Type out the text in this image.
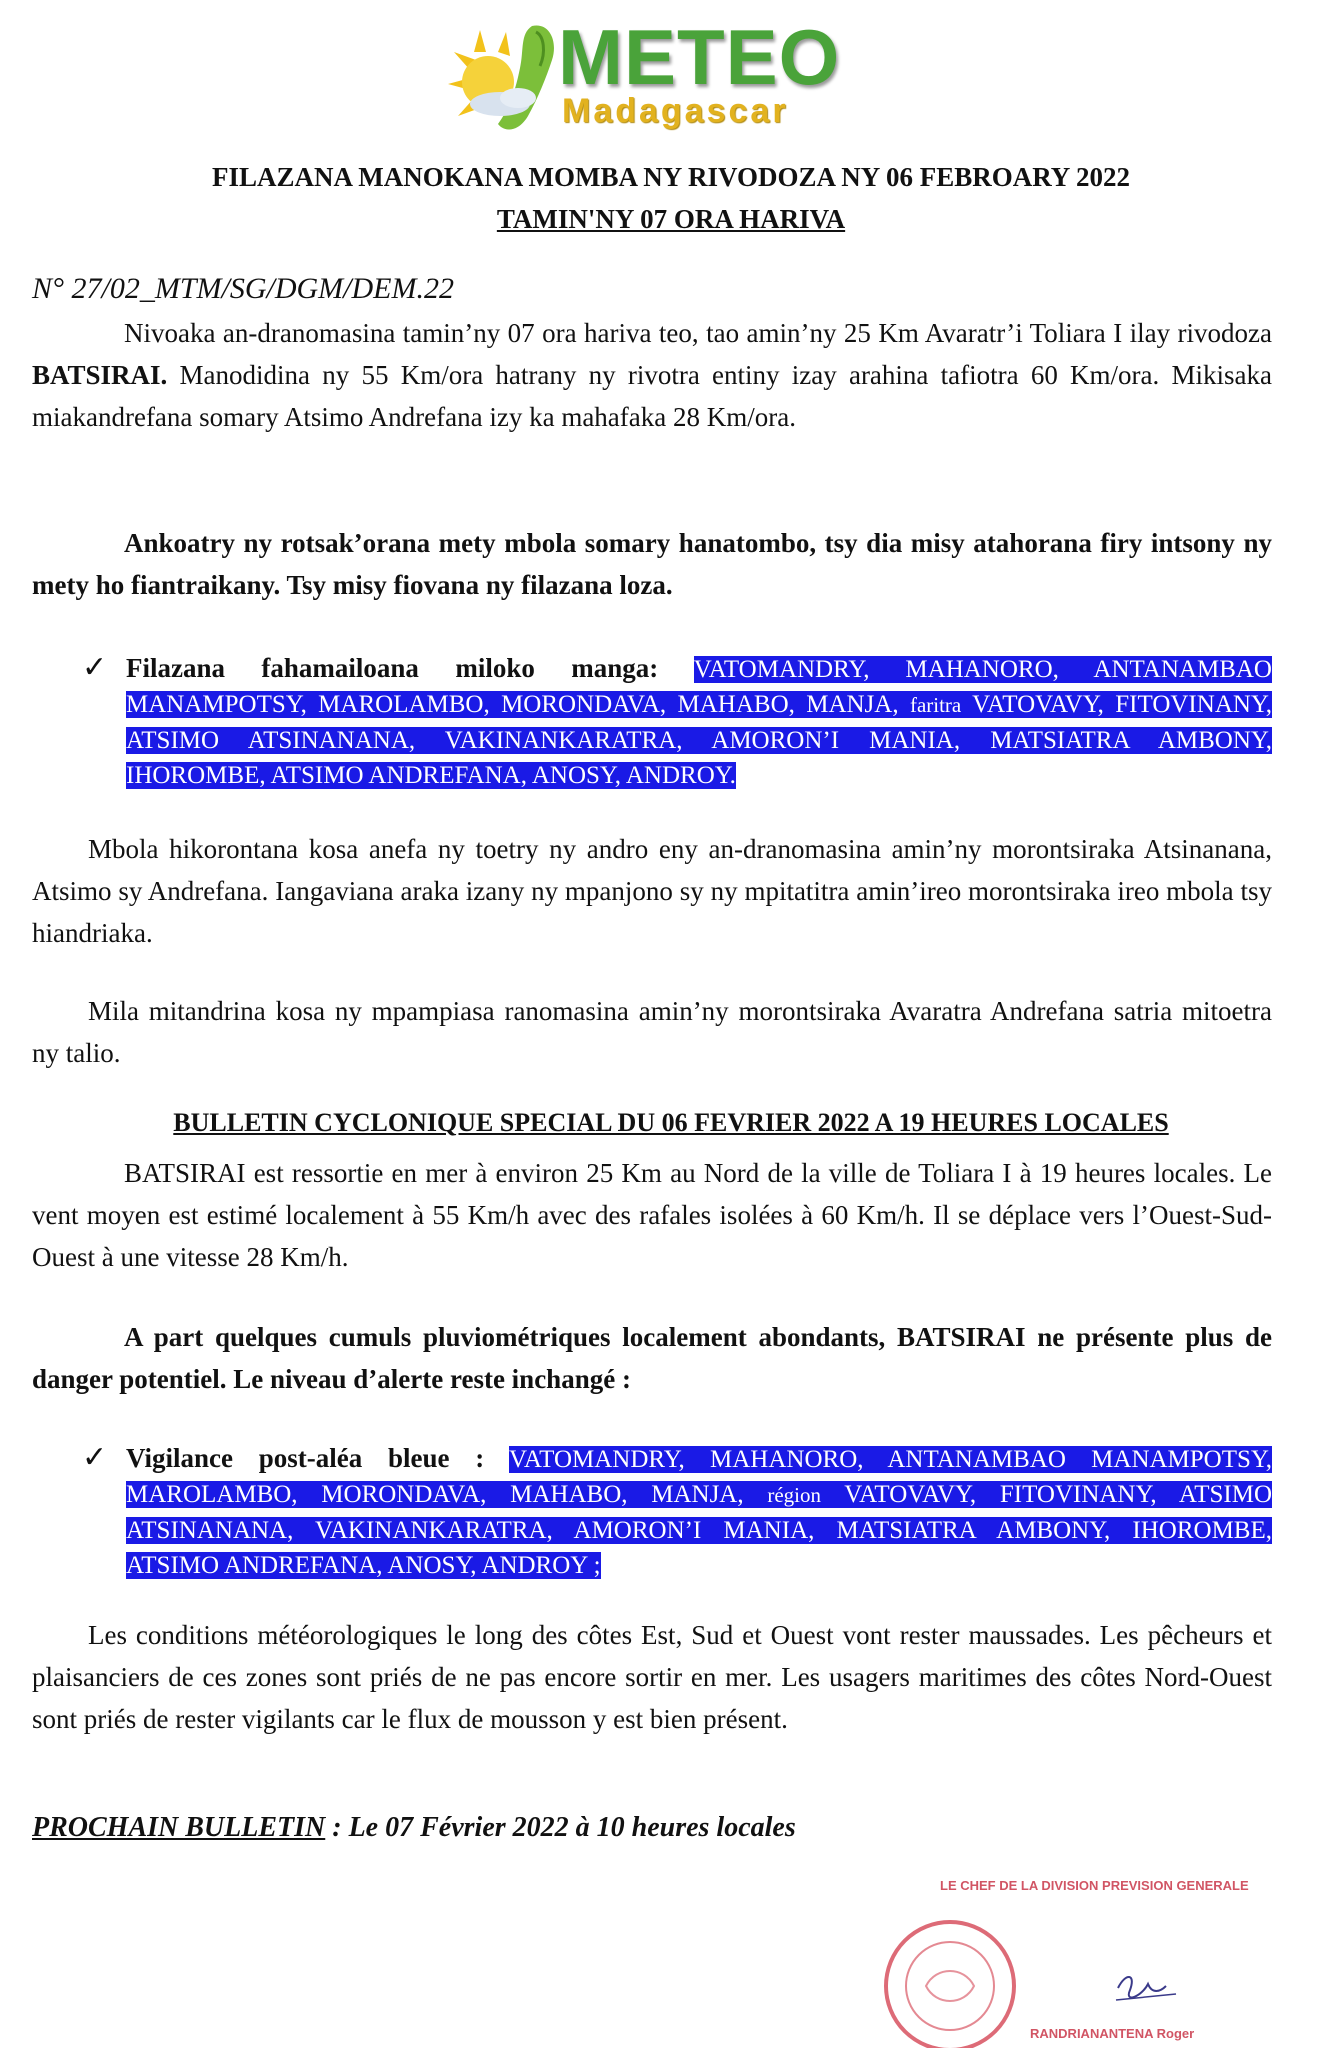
METEO
Madagascar
FILAZANA MANOKANA MOMBA NY RIVODOZA NY 06 FEBROARY 2022
TAMIN'NY 07 ORA HARIVA
N° 27/02_MTM/SG/DGM/DEM.22
Nivoaka an-dranomasina tamin’ny 07 ora hariva teo, tao amin’ny 25 Km Avaratr’i Toliara I ilay rivodoza BATSIRAI. Manodidina ny 55 Km/ora hatrany ny rivotra entiny izay arahina tafiotra 60 Km/ora. Mikisaka miakandrefana somary Atsimo Andrefana izy ka mahafaka 28 Km/ora.
Ankoatry ny rotsak’orana mety mbola somary hanatombo, tsy dia misy atahorana firy intsony ny mety ho fiantraikany. Tsy misy fiovana ny filazana loza.
✓ Filazana fahamailoana miloko manga: VATOMANDRY, MAHANORO, ANTANAMBAO MANAMPOTSY, MAROLAMBO, MORONDAVA, MAHABO, MANJA, faritra VATOVAVY, FITOVINANY, ATSIMO ATSINANANA, VAKINANKARATRA, AMORON’I MANIA, MATSIATRA AMBONY, IHOROMBE, ATSIMO ANDREFANA, ANOSY, ANDROY.
Mbola hikorontana kosa anefa ny toetry ny andro eny an-dranomasina amin’ny morontsiraka Atsinanana, Atsimo sy Andrefana. Iangaviana araka izany ny mpanjono sy ny mpitatitra amin’ireo morontsiraka ireo mbola tsy hiandriaka.
Mila mitandrina kosa ny mpampiasa ranomasina amin’ny morontsiraka Avaratra Andrefana satria mitoetra ny talio.
BULLETIN CYCLONIQUE SPECIAL DU 06 FEVRIER 2022 A 19 HEURES LOCALES
BATSIRAI est ressortie en mer à environ 25 Km au Nord de la ville de Toliara I à 19 heures locales. Le vent moyen est estimé localement à 55 Km/h avec des rafales isolées à 60 Km/h. Il se déplace vers l’Ouest-Sud-Ouest à une vitesse 28 Km/h.
A part quelques cumuls pluviométriques localement abondants, BATSIRAI ne présente plus de danger potentiel. Le niveau d’alerte reste inchangé :
✓ Vigilance post-aléa bleue : VATOMANDRY, MAHANORO, ANTANAMBAO MANAMPOTSY, MAROLAMBO, MORONDAVA, MAHABO, MANJA, région VATOVAVY, FITOVINANY, ATSIMO ATSINANANA, VAKINANKARATRA, AMORON’I MANIA, MATSIATRA AMBONY, IHOROMBE, ATSIMO ANDREFANA, ANOSY, ANDROY ;
Les conditions météorologiques le long des côtes Est, Sud et Ouest vont rester maussades. Les pêcheurs et plaisanciers de ces zones sont priés de ne pas encore sortir en mer. Les usagers maritimes des côtes Nord-Ouest sont priés de rester vigilants car le flux de mousson y est bien présent.
PROCHAIN BULLETIN : Le 07 Février 2022 à 10 heures locales
LE CHEF DE LA DIVISION PREVISION GENERALE
RANDRIANANTENA Roger
